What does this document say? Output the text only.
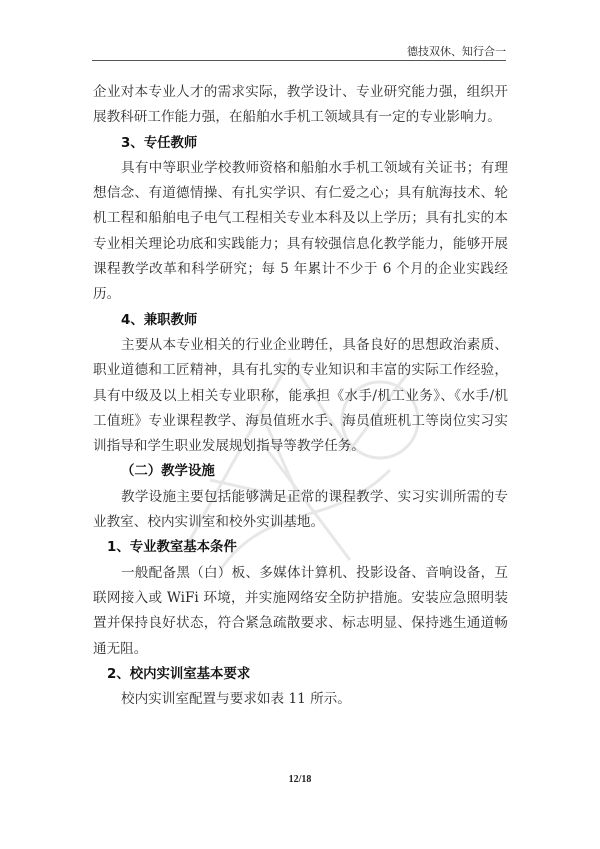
德技双休、知行合一

企业对本专业人才的需求实际，教学设计、专业研究能力强，组织开展教科研工作能力强，在船舶水手机工领域具有一定的专业影响力。

3、专任教师

具有中等职业学校教师资格和船舶水手机工领域有关证书；有理想信念、有道德情操、有扎实学识、有仁爱之心；具有航海技术、轮机工程和船舶电子电气工程相关专业本科及以上学历；具有扎实的本专业相关理论功底和实践能力；具有较强信息化教学能力，能够开展课程教学改革和科学研究；每 5 年累计不少于 6 个月的企业实践经历。

4、兼职教师

主要从本专业相关的行业企业聘任，具备良好的思想政治素质、职业道德和工匠精神，具有扎实的专业知识和丰富的实际工作经验，具有中级及以上相关专业职称，能承担《水手/机工业务》、《水手/机工值班》专业课程教学、海员值班水手、海员值班机工等岗位实习实训指导和学生职业发展规划指导等教学任务。

（二）教学设施

教学设施主要包括能够满足正常的课程教学、实习实训所需的专业教室、校内实训室和校外实训基地。

1、专业教室基本条件

一般配备黑（白）板、多媒体计算机、投影设备、音响设备，互联网接入或 WiFi 环境，并实施网络安全防护措施。安装应急照明装置并保持良好状态，符合紧急疏散要求、标志明显、保持逃生通道畅通无阻。

2、校内实训室基本要求

校内实训室配置与要求如表 11 所示。

12/18
